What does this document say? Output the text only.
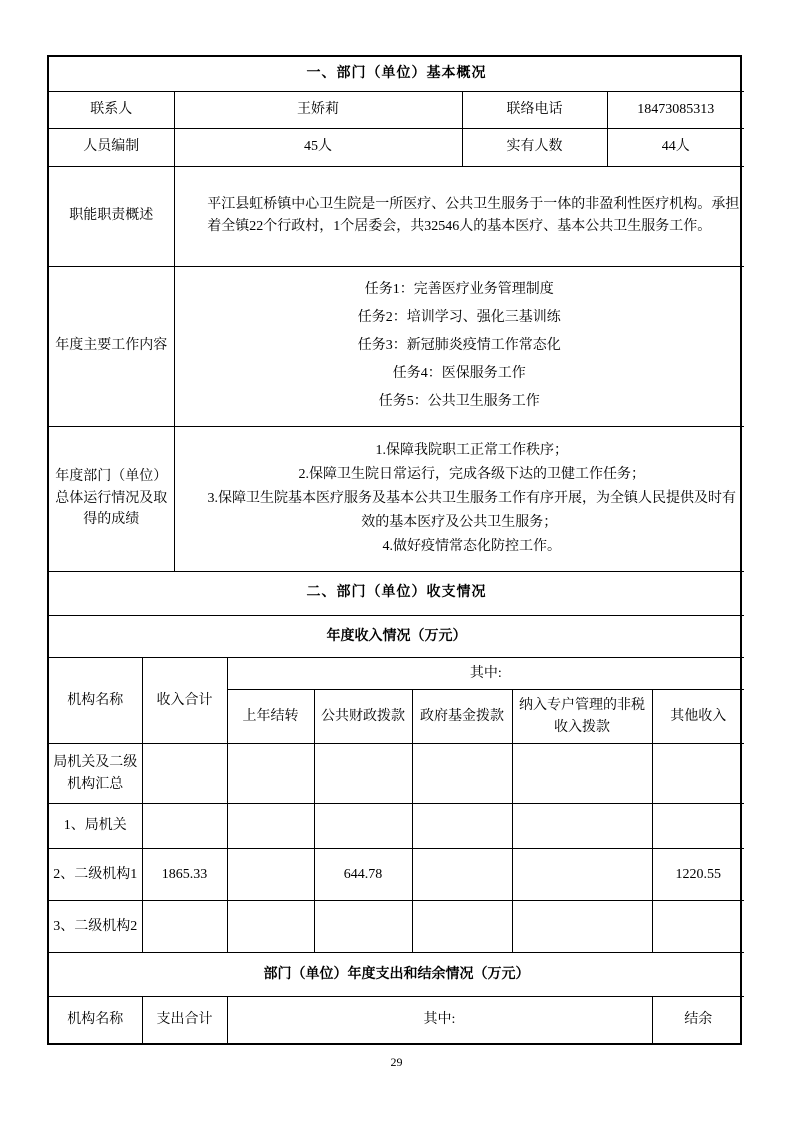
一、部门（单位）基本概况			
联系人	王娇莉	联络电话	18473085313
人员编制	45人	实有人数	44人
职能职责概述	平江县虹桥镇中心卫生院是一所医疗、公共卫生服务于一体的非盈利性医疗机构。承担着全镇22个行政村，1个居委会，共32546人的基本医疗、基本公共卫生服务工作。		
年度主要工作内容	任务1：完善医疗业务管理制度
任务2：培训学习、强化三基训练
任务3：新冠肺炎疫情工作常态化
任务4：医保服务工作
任务5：公共卫生服务工作		

年度部门（单位）总体运行情况及取得的成绩	1.保障我院职工正常工作秩序；
2.保障卫生院日常运行，完成各级下达的卫健工作任务；
3.保障卫生院基本医疗服务及基本公共卫生服务工作有序开展，为全镇人民提供及时有效的基本医疗及公共卫生服务；
4.做好疫情常态化防控工作。		
二、部门（单位）收支情况						
年度收入情况（万元）						
机构名称	收入合计	其中:				
		上年结转	公共财政拨款	政府基金拨款	纳入专户管理的非税收入拨款	其他收入
局机关及二级机构汇总						
1、局机关						
2、二级机构1	1865.33		644.78			1220.55
3、二级机构2						
部门（单位）年度支出和结余情况（万元）						
机构名称	支出合计	其中:				结余
29
